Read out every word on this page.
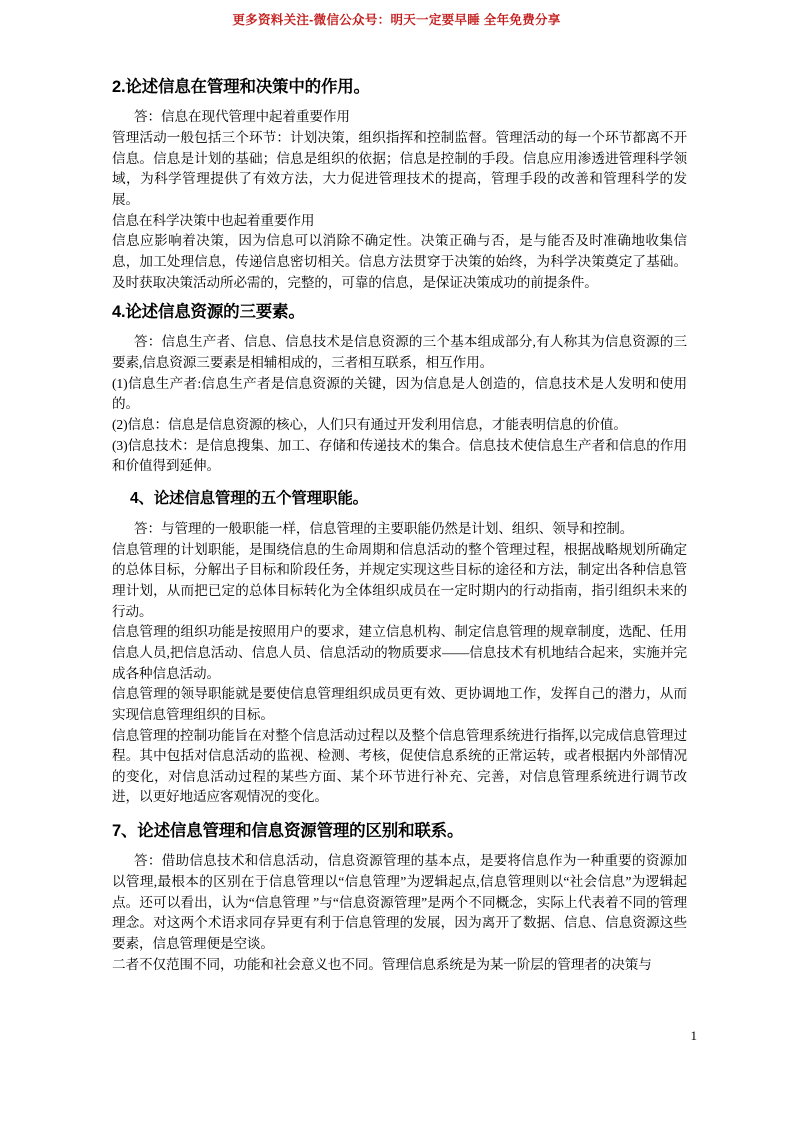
更多资料关注-微信公众号：明天一定要早睡 全年免费分享
2.论述信息在管理和决策中的作用。

答：信息在现代管理中起着重要作用

管理活动一般包括三个环节：计划决策，组织指挥和控制监督。管理活动的每一个环节都离不开信息。信息是计划的基础；信息是组织的依据；信息是控制的手段。信息应用渗透进管理科学领域，为科学管理提供了有效方法，大力促进管理技术的提高，管理手段的改善和管理科学的发展。

信息在科学决策中也起着重要作用

信息应影响着决策，因为信息可以消除不确定性。决策正确与否，是与能否及时准确地收集信息，加工处理信息，传递信息密切相关。信息方法贯穿于决策的始终，为科学决策奠定了基础。及时获取决策活动所必需的，完整的，可靠的信息，是保证决策成功的前提条件。

4.论述信息资源的三要素。

答：信息生产者、信息、信息技术是信息资源的三个基本组成部分,有人称其为信息资源的三要素,信息资源三要素是相辅相成的，三者相互联系，相互作用。

(1)信息生产者:信息生产者是信息资源的关键，因为信息是人创造的，信息技术是人发明和使用的。

(2)信息：信息是信息资源的核心，人们只有通过开发利用信息，才能表明信息的价值。

(3)信息技术：是信息搜集、加工、存储和传递技术的集合。信息技术使信息生产者和信息的作用和价值得到延伸。

4、论述信息管理的五个管理职能。

答：与管理的一般职能一样，信息管理的主要职能仍然是计划、组织、领导和控制。

信息管理的计划职能，是围绕信息的生命周期和信息活动的整个管理过程，根据战略规划所确定的总体目标，分解出子目标和阶段任务，并规定实现这些目标的途径和方法，制定出各种信息管理计划，从而把已定的总体目标转化为全体组织成员在一定时期内的行动指南，指引组织未来的行动。

信息管理的组织功能是按照用户的要求，建立信息机构、制定信息管理的规章制度，选配、任用信息人员,把信息活动、信息人员、信息活动的物质要求——信息技术有机地结合起来，实施并完成各种信息活动。

信息管理的领导职能就是要使信息管理组织成员更有效、更协调地工作，发挥自己的潜力，从而实现信息管理组织的目标。

信息管理的控制功能旨在对整个信息活动过程以及整个信息管理系统进行指挥,以完成信息管理过程。其中包括对信息活动的监视、检测、考核，促使信息系统的正常运转，或者根据内外部情况的变化，对信息活动过程的某些方面、某个环节进行补充、完善，对信息管理系统进行调节改进，以更好地适应客观情况的变化。

7、论述信息管理和信息资源管理的区别和联系。

答：借助信息技术和信息活动，信息资源管理的基本点，是要将信息作为一种重要的资源加以管理,最根本的区别在于信息管理以“信息管理”为逻辑起点,信息管理则以“社会信息”为逻辑起点。还可以看出，认为“信息管理 ”与“信息资源管理”是两个不同概念，实际上代表着不同的管理理念。对这两个术语求同存异更有利于信息管理的发展，因为离开了数据、信息、信息资源这些要素，信息管理便是空谈。

二者不仅范围不同，功能和社会意义也不同。管理信息系统是为某一阶层的管理者的决策与

1
